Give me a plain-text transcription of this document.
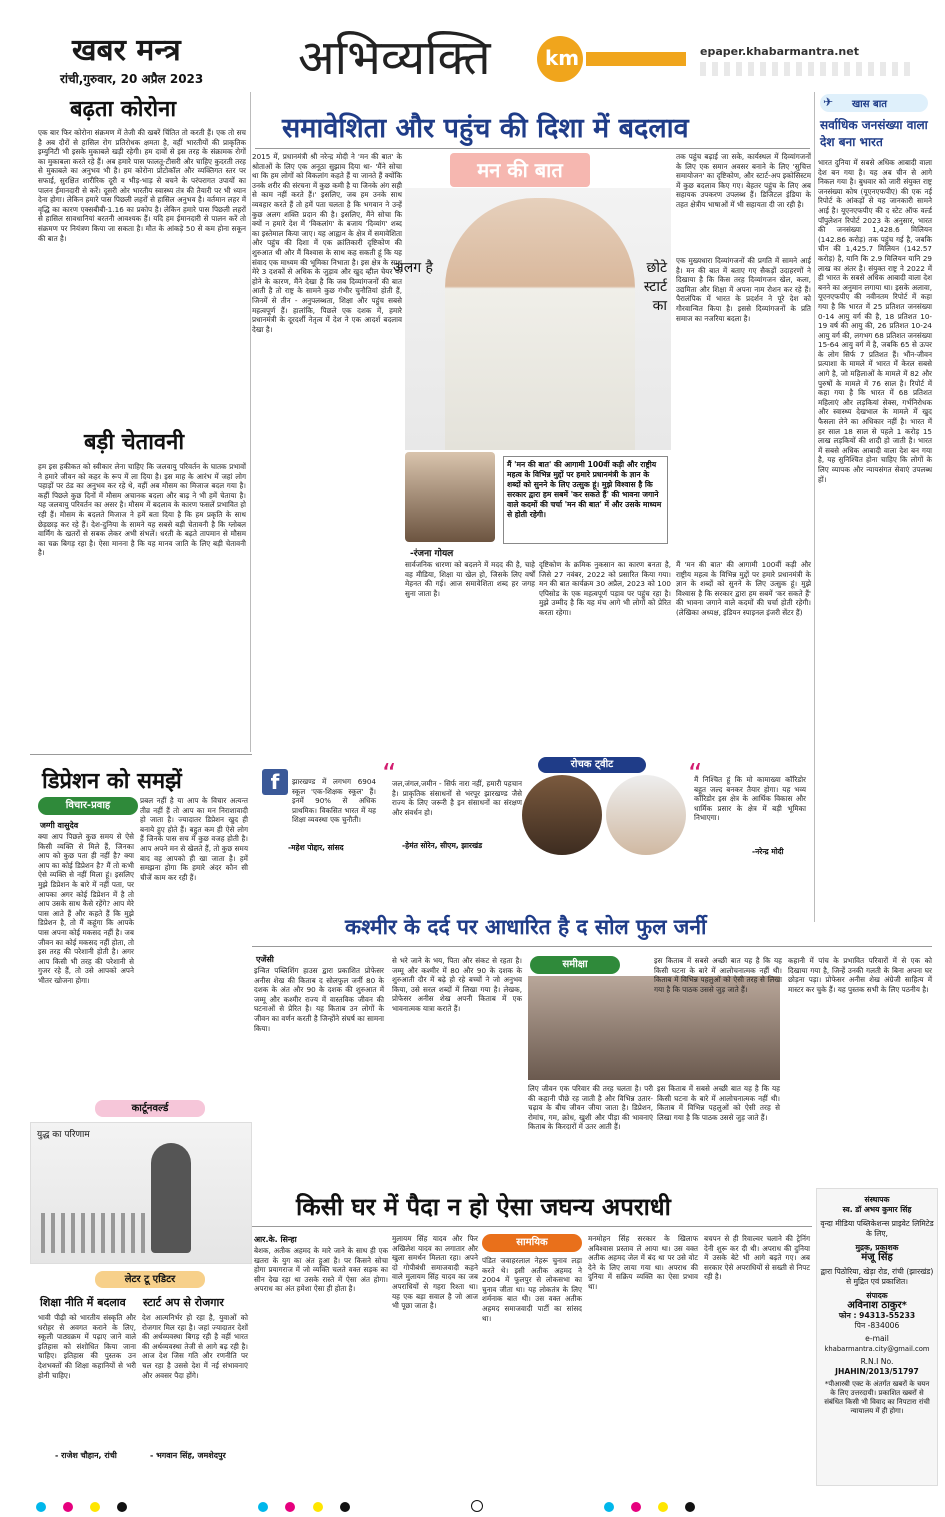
खबर मन्त्र
रांची,गुरुवार, 20 अप्रैल 2023 अभिव्यक्ति	km	epaper.khabarmantra.net
बढ़ता कोरोना
एक बार फिर कोरोना संक्रमण में तेजी की खबरें चिंतित तो करती हैं। एक तो सच है अब दौरों से हासिल रोग प्रतिरोधक क्षमता है, वहीं भारतीयों की प्राकृतिक इम्युनिटी भी इसके मुकाबले खड़ी रहेगी। हम दावों से इस तरह के संक्रामक रोगों का मुकाबला करते रहे हैं। अब हमारे पास फालतू-टीसरी और चाहिए कुदरती तरह से मुकाबले का अनुभव भी है। हम कोरोना प्रोटोकॉल और व्यक्तिगत स्तर पर सफाई, सुरक्षित शारीरिक दूरी व भीड़-भाड़ से बचने के परंपरागत उपायों का पालन ईमानदारी से करें। दूसरी ओर भारतीय स्वास्थ्य तंत्र की तैयारी पर भी ध्यान देना होगा। लेकिन हमारे पास पिछली लहरों से हासिल अनुभव है। वर्तमान लहर में वृद्धि का कारण एक्सबीबी-1.16 का प्रकोप है। लेकिन हमारे पास पिछली लहरों से हासिल सावधानियां बरतनी आवश्यक हैं। यदि हम ईमानदारी से पालन करें तो संक्रमण पर नियंत्रण किया जा सकता है। मौत के आंकड़े 50 से कम होना सकून की बात है।
बड़ी चेतावनी
हम इस हकीकत को स्वीकार लेना चाहिए कि जलवायु परिवर्तन के घातक प्रभावों ने हमारे जीवन को कहर के रूप में ला दिया है। इस माह के आरंभ में जहां लोग पहाड़ों पर ठंड का अनुभव कर रहे थे, वहीं अब मौसम का मिजाज बदल गया है। कहीं पिछले कुछ दिनों में मौसम अचानक बदला और बाढ़ ने भी हमें चेताया है। यह जलवायु परिवर्तन का असर है। मौसम में बदलाव के कारण फसलें प्रभावित हो रही हैं। मौसम के बदलते मिजाज ने हमें बता दिया है कि हम प्रकृति के साथ छेड़छाड़ कर रहे हैं। देश-दुनिया के सामने यह सबसे बड़ी चेतावनी है कि ग्लोबल वार्मिंग के खतरों से सबक लेकर अभी संभलें। धरती के बढ़ते तापमान से मौसम का चक्र बिगड़ रहा है। ऐसा मानना है कि यह मानव जाति के लिए बड़ी चेतावनी है।
समावेशिता और पहुंच की दिशा में बदलाव
2015 में, प्रधानमंत्री श्री नरेन्द्र मोदी ने 'मन की बात' के श्रोताओं के लिए एक अनूठा सुझाव दिया था- 'मैंने सोचा था कि हम लोगों को विकलांग कहते हैं या जानते हैं क्योंकि उनके शरीर की संरचना में कुछ कमी है या जिनके अंग सही से काम नहीं करते हैं।' इसलिए, जब हम उनके साथ व्यवहार करते हैं तो हमें पता चलता है कि भगवान ने उन्हें कुछ अलग शक्ति प्रदान की है। इसलिए, मैंने सोचा कि क्यों न हमारे देश में 'विकलांग' के बजाय 'दिव्यांग' शब्द का इस्तेमाल किया जाए। यह आह्वान के क्षेत्र में समावेशिता और पहुंच की दिशा में एक क्रांतिकारी दृष्टिकोण की शुरुआत थी और मैं विश्वास के साथ कह सकती हूं कि यह संवाद एक माध्यम की भूमिका निभाता है। इस क्षेत्र के साथ मेरे 3 दशकों से अधिक के जुड़ाव और खुद व्हील चेयर पर होने के कारण, मैंने देखा है कि जब दिव्यांगजनों की बात आती है तो राष्ट्र के सामने कुछ गंभीर चुनौतियां होती हैं, जिनमें से तीन - अनुपलब्धता, शिक्षा और पहुंच सबसे महत्वपूर्ण हैं। हालांकि, पिछले एक दशक में, हमारे प्रधानमंत्री के दूरदर्शी नेतृत्व में देश ने एक आदर्श बदलाव देखा है।
मन की बात
अलग है	छोटे स्टार्ट का
तक पहुंच बढ़ाई जा सके, कार्यस्थल में दिव्यांगजनों के लिए एक समान अवसर बनाने के लिए 'सुचित्त समायोजन' का दृष्टिकोण, और स्टार्ट-अप इकोसिस्टम में कुछ बदलाव किए गए। बेहतर पहुंच के लिए अब सहायक उपकरण उपलब्ध हैं। डिजिटल इंडिया के तहत क्षेत्रीय भाषाओं में भी सहायता दी जा रही है।
एक मुख्यधारा दिव्यांगजनों की प्रगति में सामने आई है। मन की बात में बताए गए सैकड़ों उदाहरणों ने दिखाया है कि किस तरह दिव्यांगजन खेल, कला, उद्यमिता और शिक्षा में अपना नाम रोशन कर रहे हैं। पैरालंपिक में भारत के प्रदर्शन ने पूरे देश को गौरवान्वित किया है। इससे दिव्यांगजनों के प्रति समाज का नजरिया बदला है।
-रंजना गोयल
मैं 'मन की बात' की आगामी 100वीं कड़ी और राष्ट्रीय महत्व के विभिन्न मुद्दों पर हमारे प्रधानमंत्री के ज्ञान के शब्दों को सुनने के लिए उत्सुक हूं। मुझे विश्वास है कि सरकार द्वारा हम सबमें 'कर सकते हैं' की भावना जगाने वाले कदमों की चर्चा 'मन की बात' में और उसके माध्यम से होती रहेगी।
सार्वजनिक धारणा को बदलने में मदद की है, चाहे वह मीडिया, शिक्षा या खेल हो, जिसके लिए वर्षों मेहनत की गई। आज समावेशिता शब्द हर जगह सुना जाता है।
दृष्टिकोण के क्रमिक नुकसान का कारण बनता है, जिसे 27 नवंबर, 2022 को प्रसारित किया गया। मन की बात कार्यक्रम 30 अप्रैल, 2023 को 100 एपिसोड के एक महत्वपूर्ण पड़ाव पर पहुंच रहा है। मुझे उम्मीद है कि यह मंच आगे भी लोगों को प्रेरित करता रहेगा।
मैं 'मन की बात' की आगामी 100वीं कड़ी और राष्ट्रीय महत्व के विभिन्न मुद्दों पर हमारे प्रधानमंत्री के ज्ञान के शब्दों को सुनने के लिए उत्सुक हूं। मुझे विश्वास है कि सरकार द्वारा हम सबमें 'कर सकते हैं' की भावना जगाने वाले कदमों की चर्चा होती रहेगी। (लेखिका अध्यक्ष, इंडियन स्पाइनल इंजरी सेंटर हैं)
✈ खास बात
सर्वाधिक जनसंख्या वाला देश बना भारत
भारत दुनिया में सबसे अधिक आबादी वाला देश बन गया है। यह अब चीन से आगे निकल गया है। बुधवार को जारी संयुक्त राष्ट्र जनसंख्या कोष (यूएनएफपीए) की एक नई रिपोर्ट के आंकड़ों से यह जानकारी सामने आई है। यूएनएफपीए की द स्टेट ऑफ वर्ल्ड पॉपुलेशन रिपोर्ट 2023 के अनुसार, भारत की जनसंख्या 1,428.6 मिलियन (142.86 करोड़) तक पहुंच गई है, जबकि चीन की 1,425.7 मिलियन (142.57 करोड़) है, यानि कि 2.9 मिलियन यानि 29 लाख का अंतर है। संयुक्त राष्ट्र ने 2022 में ही भारत के सबसे अधिक आबादी वाला देश बनने का अनुमान लगाया था। इसके अलावा, यूएनएफपीए की नवीनतम रिपोर्ट में कहा गया है कि भारत में 25 प्रतिशत जनसंख्या 0-14 आयु वर्ग की है, 18 प्रतिशत 10-19 वर्ष की आयु की, 26 प्रतिशत 10-24 आयु वर्ग की, लगभग 68 प्रतिशत जनसंख्या 15-64 आयु वर्ग में है, जबकि 65 से ऊपर के लोग सिर्फ 7 प्रतिशत हैं। भौंन-जीवन प्रत्याशा के मामले में भारत में केरल सबसे आगे है, जो महिलाओं के मामले में 82 और पुरुषों के मामले में 76 साल है। रिपोर्ट में कहा गया है कि भारत में 68 प्रतिशत महिलाएं और लड़कियां सेक्स, गर्भनिरोधक और स्वास्थ्य देखभाल के मामले में खुद फैसला लेने का अधिकार नहीं है। भारत में हर साल 18 साल से पहले 1 करोड़ 15 लाख लड़कियों की शादी हो जाती है। भारत में सबसे अधिक आबादी वाला देश बन गया है, यह सुनिश्चित होना चाहिए कि लोगों के लिए व्यापक और न्यायसंगत सेवाएं उपलब्ध हों।
रोचक ट्वीट
f	झारखण्ड में लगभग 6904 स्कूल 'एक-शिक्षक स्कूल' हैं। इनमें 90% से अधिक प्राथमिक। विकसित भारत में यह शिक्षा व्यवस्था एक चुनौती।
-महेश पोद्दार, सांसद
“
जल,जंगल,जमीन - सिर्फ नारा नहीं, हमारी पहचान है। प्राकृतिक संसाधनों से भरपूर झारखण्ड जैसे राज्य के लिए जरूरी है इन संसाधनों का संरक्षण और संवर्धन हो।
-हेमंत सोरेन, सीएम, झारखंड
“
मैं निश्चित हूं कि मो कामाख्या कॉरिडोर बहुत जल्द बनकर तैयार होगा। यह भव्य कॉरिडोर इस क्षेत्र के आर्थिक विकास और धार्मिक प्रसार के क्षेत्र में बड़ी भूमिका निभाएगा।
-नरेन्द्र मोदी
डिप्रेशन को समझें
विचार-प्रवाह
जग्गी वासुदेव
क्या आप पिछले कुछ समय से ऐसे किसी व्यक्ति से मिले हैं, जिनका आप को कुछ पता ही नहीं है? क्या आप का कोई डिप्रेशन है? मैं तो कभी ऐसे व्यक्ति से नहीं मिला हूं। इसलिए मुझे डिप्रेशन के बारे में नहीं पता, पर आपका अगर कोई डिप्रेशन में है तो आप उसके साथ कैसे रहेंगे? आप मेरे पास आते हैं और कहते हैं कि मुझे डिप्रेशन है, तो मैं कहूंगा कि आपके पास अपना कोई मकसद नहीं है। जब जीवन का कोई मकसद नहीं होता, तो इस तरह की परेशानी होती है। अगर आप किसी भी तरह की परेशानी से गुजर रहे हैं, तो उसे आपको अपने भीतर खोजना होगा।
प्रबल नहीं है या आप के विचार अत्यन्त तीव्र नहीं हैं तो आप का मन निराशावादी हो जाता है। ज्यादातर डिप्रेशन खुद ही बनाये हुए होते हैं। बहुत कम ही ऐसे लोग हैं जिनके पास सच में कुछ वजह होती है। आप अपने मन से खेलते हैं, तो कुछ समय बाद वह आपको ही खा जाता है। हमें समझना होगा कि हमारे अंदर कौन सी चीजें काम कर रही हैं।
कार्टूनवर्ल्ड
युद्ध का परिणाम
लेटर टू एडिटर
शिक्षा नीति में बदलाव
भावी पीढ़ी को भारतीय संस्कृति और धरोहर से अवगत कराने के लिए, स्कूली पाठ्यक्रम में पढ़ाए जाने वाले इतिहास को संशोधित किया जाना चाहिए। इतिहास की पुस्तक उन देशभक्तों की शिक्षा कहानियों से भरी होनी चाहिए।
- राजेश चौहान, रांची
स्टार्ट अप से रोजगार
देश आत्मनिर्भर हो रहा है, युवाओं को रोजगार मिल रहा है। जहां ज्यादातर देशों की अर्थव्यवस्था बिगड़ रही है वहीं भारत की अर्थव्यवस्था तेजी से आगे बढ़ रही है। आज देश जिस गति और रणनीति पर चल रहा है उससे देश में नई संभावनाएं और अवसर पैदा होंगे।
- भगवान सिंह, जमशेदपुर
कश्मीर के दर्द पर आधारित है द सोल फुल जर्नी
एजेंसी
इन्वित पब्लिशिंग हाउस द्वारा प्रकाशित प्रोफेसर अनीस शेख की किताब द सोलफुल जर्नी 80 के दशक के अंत और 90 के दशक की शुरुआत में जम्मू और कश्मीर राज्य में वास्तविक जीवन की घटनाओं से प्रेरित है। यह किताब उन लोगों के जीवन का वर्णन करती है जिन्होंने संघर्ष का सामना किया।
से भरे जाने के भय, पिता और संकट से रहता है। जम्मू और कश्मीर में 80 और 90 के दशक के शुरुआती दौर में बढ़े हो रहे बच्चों ने जो अनुभव किया, उसे सरल शब्दों में लिखा गया है। लेखक, प्रोफेसर अनीस शेख अपनी किताब में एक भावनात्मक यात्रा कराते हैं।
समीक्षा
लिए जीवन एक परिवार की तरह चलता है। परी की कहानी पीछे रह जाती है और विभिन्न उतार-चढ़ाव के बीच जीवन जीया जाता है। डिप्रेशन, रोमांच, गम, क्रोध, खुशी और पीड़ा की भावनाएं किताब के किरदारों में उतर आती हैं।
इस किताब में सबसे अच्छी बात यह है कि यह किसी घटना के बारे में आलोचनात्मक नहीं थी। किताब में विभिन्न पहलुओं को ऐसी तरह से लिखा गया है कि पाठक उससे जुड़ जाते हैं।
इस किताब में सबसे अच्छी बात यह है कि यह किसी घटना के बारे में आलोचनात्मक नहीं थी। किताब में विभिन्न पहलुओं को ऐसी तरह से लिखा गया है कि पाठक उससे जुड़ जाते हैं।
कहानी में पांच के प्रभावित परिवारों में से एक को दिखाया गया है, जिन्हें उनकी गलती के बिना अपना घर छोड़ना पड़ा। प्रोफेसर अनीस शेख अंग्रेजी साहित्य में मास्टर कर चुके हैं। यह पुस्तक सभी के लिए पठनीय है।
किसी घर में पैदा न हो ऐसा जघन्य अपराधी
आर.के. सिन्हा
बेशक, अतीक अहमद के मारे जाने के साथ ही एक खतरा के युग का अंत हुआ है। पर किसने सोचा होगा प्रयागराज में जो व्यक्ति चलते वक्त सड़क का सीन देख रहा था उसके रास्ते में ऐसा अंत होगा। अपराध का अंत हमेशा ऐसा ही होता है।
मुलायम सिंह यादव और फिर अखिलेश यादव का लगातार और खुला समर्थन मिलता रहा। अपने दो गोपीबंधी समाजवादी कहने वाले मुलायम सिंह यादव का जब अपराधियों से गहरा रिश्ता था। यह एक बड़ा सवाल है जो आज भी पूछा जाता है।
सामयिक
पंडित जवाहरलाल नेहरू चुनाव लड़ा करते थे। इसी अतीक अहमद ने 2004 में फूलपुर से लोकसभा का चुनाव जीता था। यह लोकतंत्र के लिए शर्मनाक बात थी। उस वक्त अतीक अहमद समाजवादी पार्टी का सांसद था।
मनमोहन सिंह सरकार के खिलाफ अविश्वास प्रस्ताव ले आया था। उस वक्त अतीक अहमद जेल में बंद था पर उसे वोट देने के लिए लाया गया था। अपराध की दुनिया में सक्रिय व्यक्ति का ऐसा प्रभाव था।
बचपन से ही रिवाल्वर चलाने की ट्रेनिंग देनी शुरू कर दी थी। अपराध की दुनिया में उसके बेटे भी आगे बढ़ते गए। अब सरकार ऐसे अपराधियों से सख्ती से निपट रही है।
संस्थापक
स्व. डॉ अभय कुमार सिंह
वृन्दा मीडिया पब्लिकेशन्स प्राइवेट लिमिटेड के लिए,
मुद्रक, प्रकाशक
मंजू सिंह
द्वारा पिठोरिया, खेड़ा रोड, रांची (झारखंड) से मुद्रित एवं प्रकाशित।
संपादक
अविनाश ठाकुर*
फोन : 94313-55233
पिन -834006
e-mail
khabarmantra.city@gmail.com
R.N.I No.
JHAHIN/2013/51797
*पीआरबी एक्ट के अंतर्गत खबरों के चयन के लिए उत्तरदायी। प्रकाशित खबरों से संबंधित किसी भी विवाद का निपटारा रांची न्यायालय में ही होगा।
